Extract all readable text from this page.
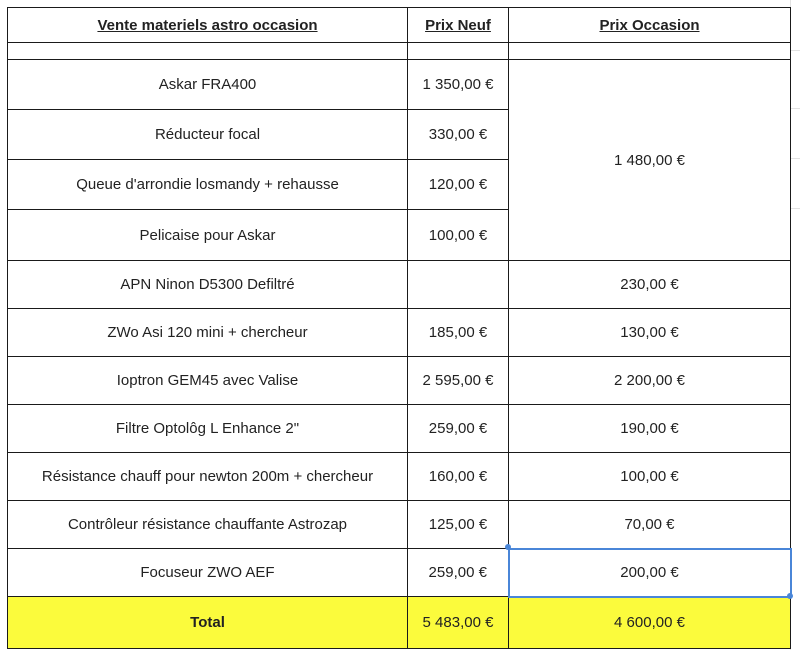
Vente materiels astro occasion	Prix Neuf	Prix Occasion

Askar FRA400	1 350,00 €	1 480,00 €
Réducteur focal	330,00 €	
Queue d'arrondie losmandy + rehausse	120,00 €	
Pelicaise pour Askar	100,00 €	
APN Ninon D5300 Defiltré		230,00 €
ZWo Asi 120 mini + chercheur	185,00 €	130,00 €
Ioptron GEM45 avec Valise	2 595,00 €	2 200,00 €
Filtre Optolôg L Enhance 2"	259,00 €	190,00 €
Résistance chauff pour newton 200m + chercheur	160,00 €	100,00 €
Contrôleur résistance chauffante Astrozap	125,00 €	70,00 €
Focuseur ZWO AEF	259,00 €	200,00 €
Total	5 483,00 €	4 600,00 €
